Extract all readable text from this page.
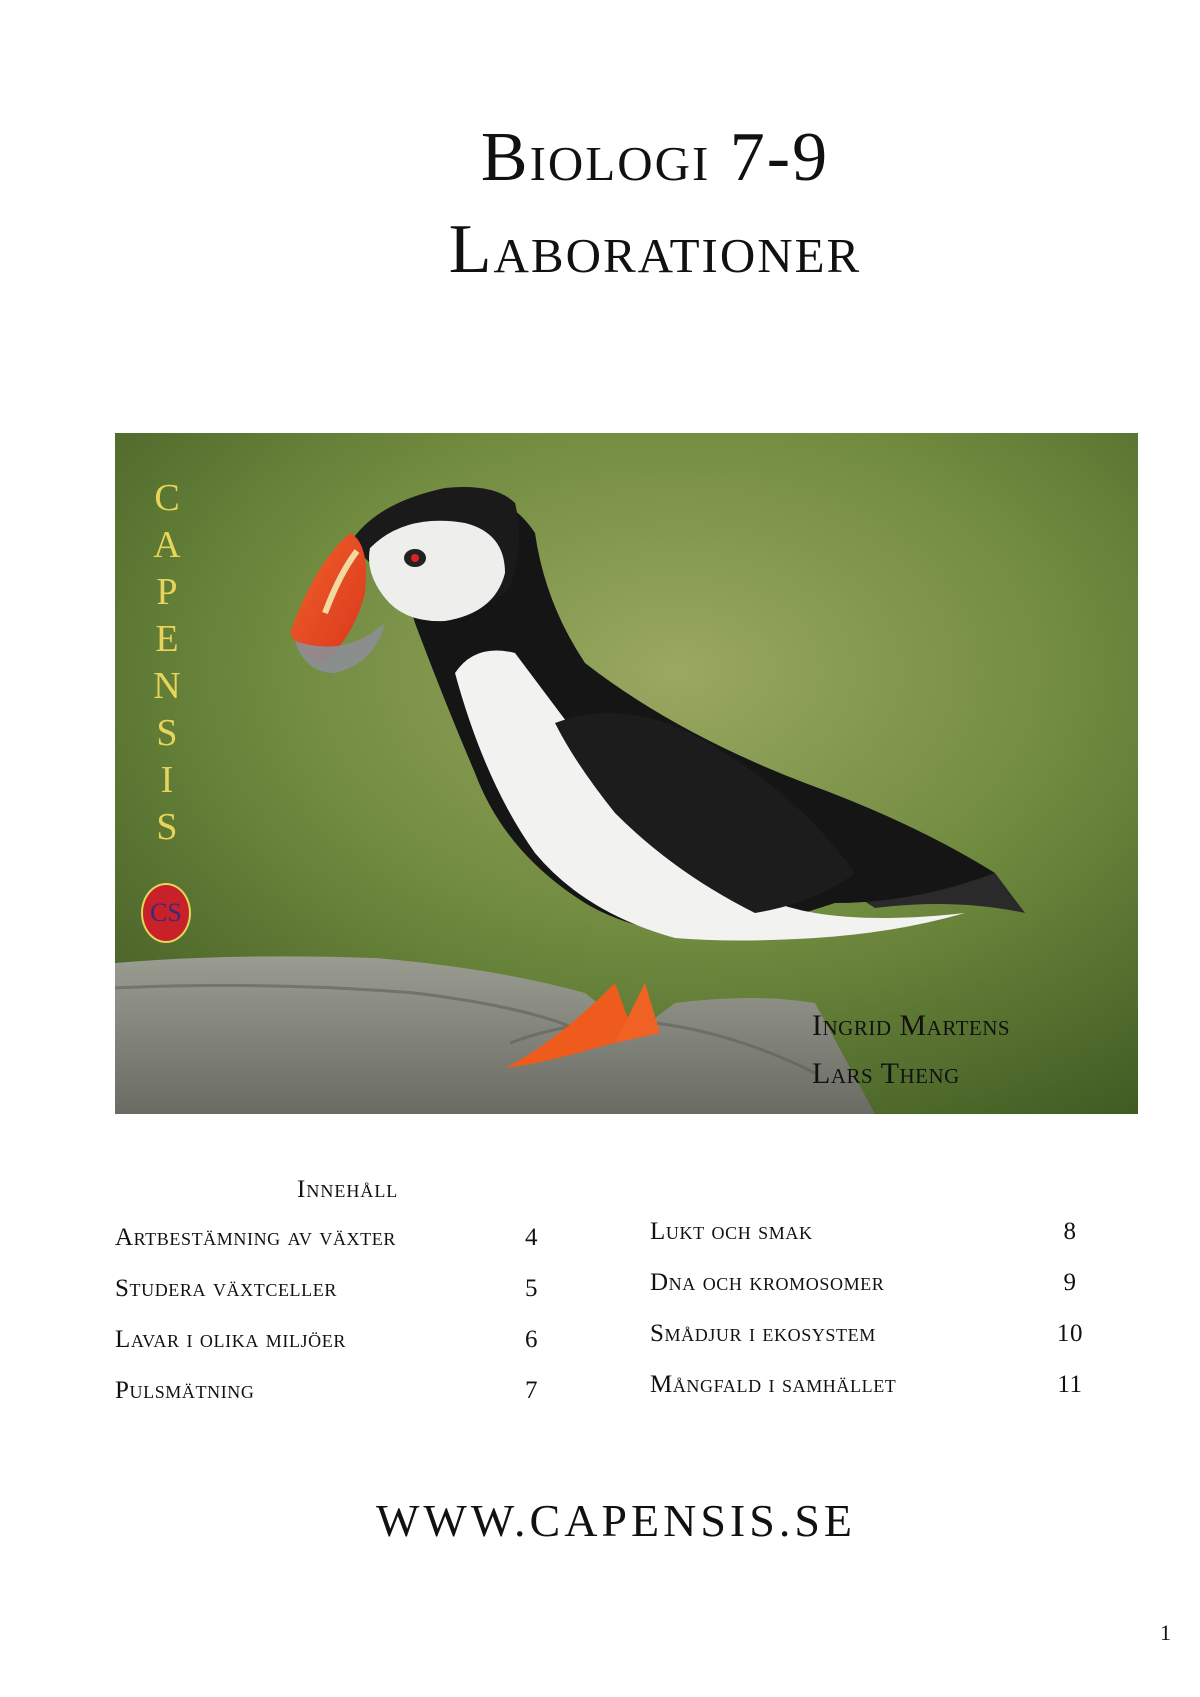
Biologi 7-9
Laborationer
C
A
P
E
N
S
I
S
CS
Ingrid Martens
Lars Theng
Innehåll
Artbestämning av växter	4
Studera växtceller	5
Lavar i olika miljöer	6
Pulsmätning	7
Lukt och smak	8
Dna och kromosomer	9
Smådjur i ekosystem	10
Mångfald i samhället	11
WWW.CAPENSIS.SE
1
